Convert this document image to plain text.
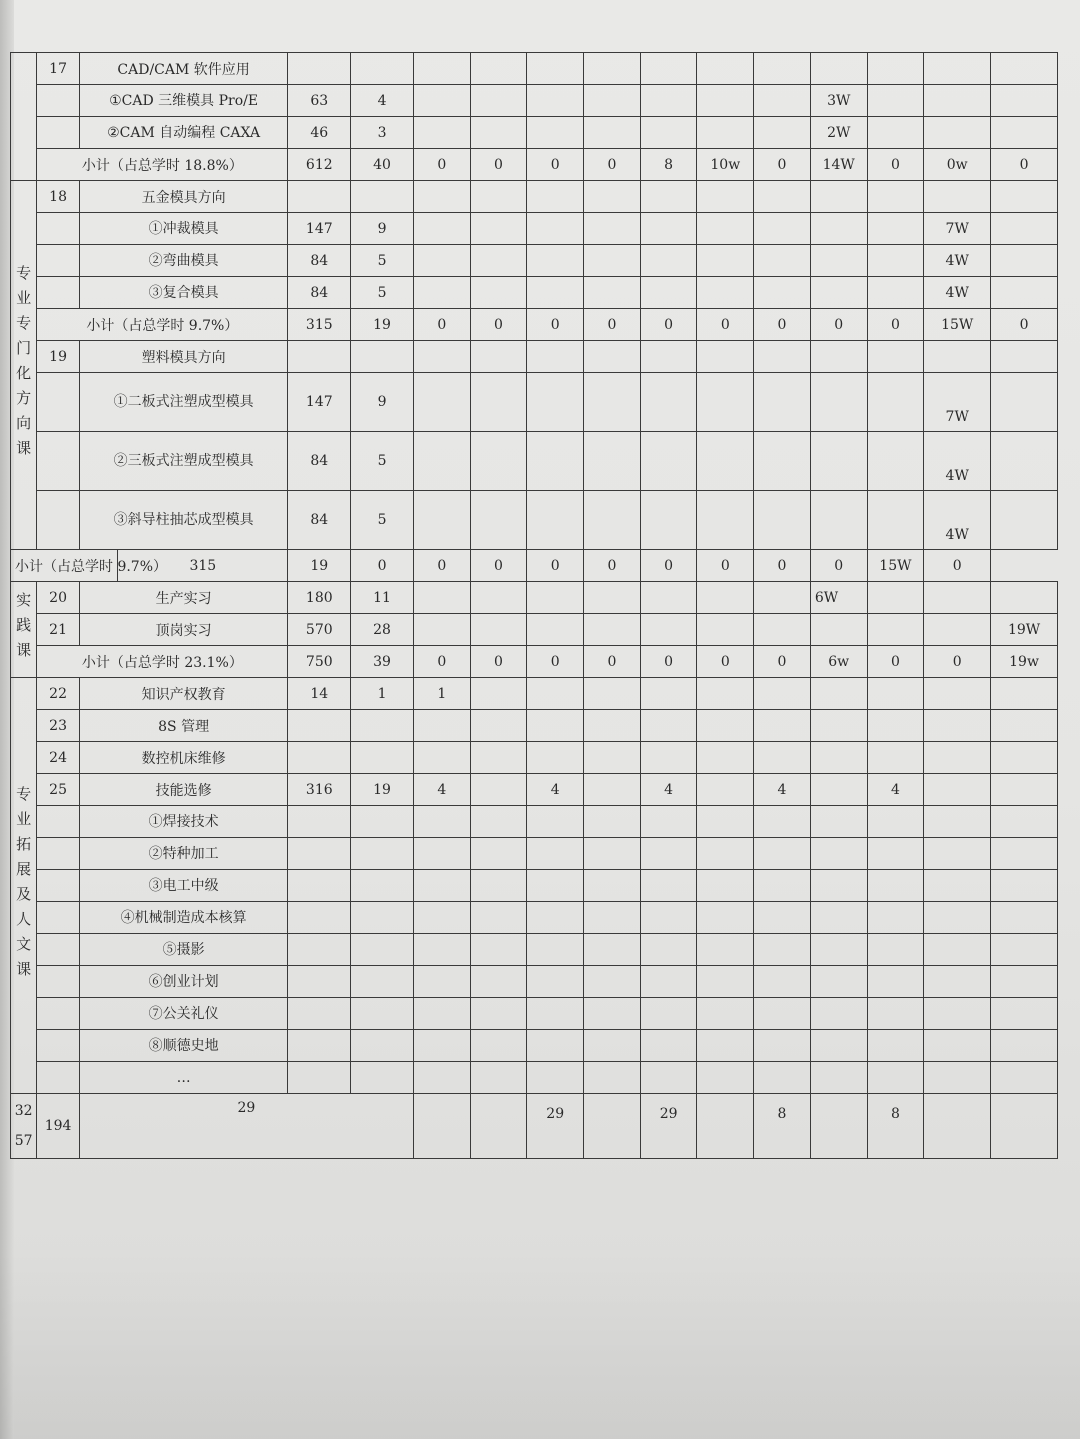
	17	CAD/CAM 软件应用														
		①CAD 三维模具 Pro/E		63	4								3W			
		②CAM 自动编程 CAXA		46	3								2W			
	小计（占总学时 18.8%）			612	40	0	0	0	0	8	10w	0	14W	0	0w	0
专业专门化方向课	18	五金模具方向														
		①冲裁模具		147	9										7W	
		②弯曲模具		84	5										4W	
		③复合模具		84	5										4W	
	小计（占总学时 9.7%）			315	19	0	0	0	0	0	0	0	0	0	15W	0
	19	塑料模具方向														
		①二板式注塑成型模具		147	9										7W	
		②三板式注塑成型模具		84	5										4W	
		③斜导柱抽芯成型模具		84	5										4W	
小计（占总学时 9.7%）			315	19	0	0	0	0	0	0	0	0	0	15W	0	
实践课	20	生产实习		180	11								6W			
	21	顶岗实习		570	28											19W
	小计（占总学时 23.1%）			750	39	0	0	0	0	0	0	0	6w	0	0	19w
专业拓展及人文课	22	知识产权教育		14	1	1										
	23	8S 管理														
	24	数控机床维修														
	25	技能选修		316	19	4		4		4		4		4		
		①焊接技术														
		②特种加工														
		③电工中级														
		④机械制造成本核算														
		⑤摄影														
		⑥创业计划														
		⑦公关礼仪														
		⑧顺德史地														
		…														
3257	194	29						29		29		8		8		
